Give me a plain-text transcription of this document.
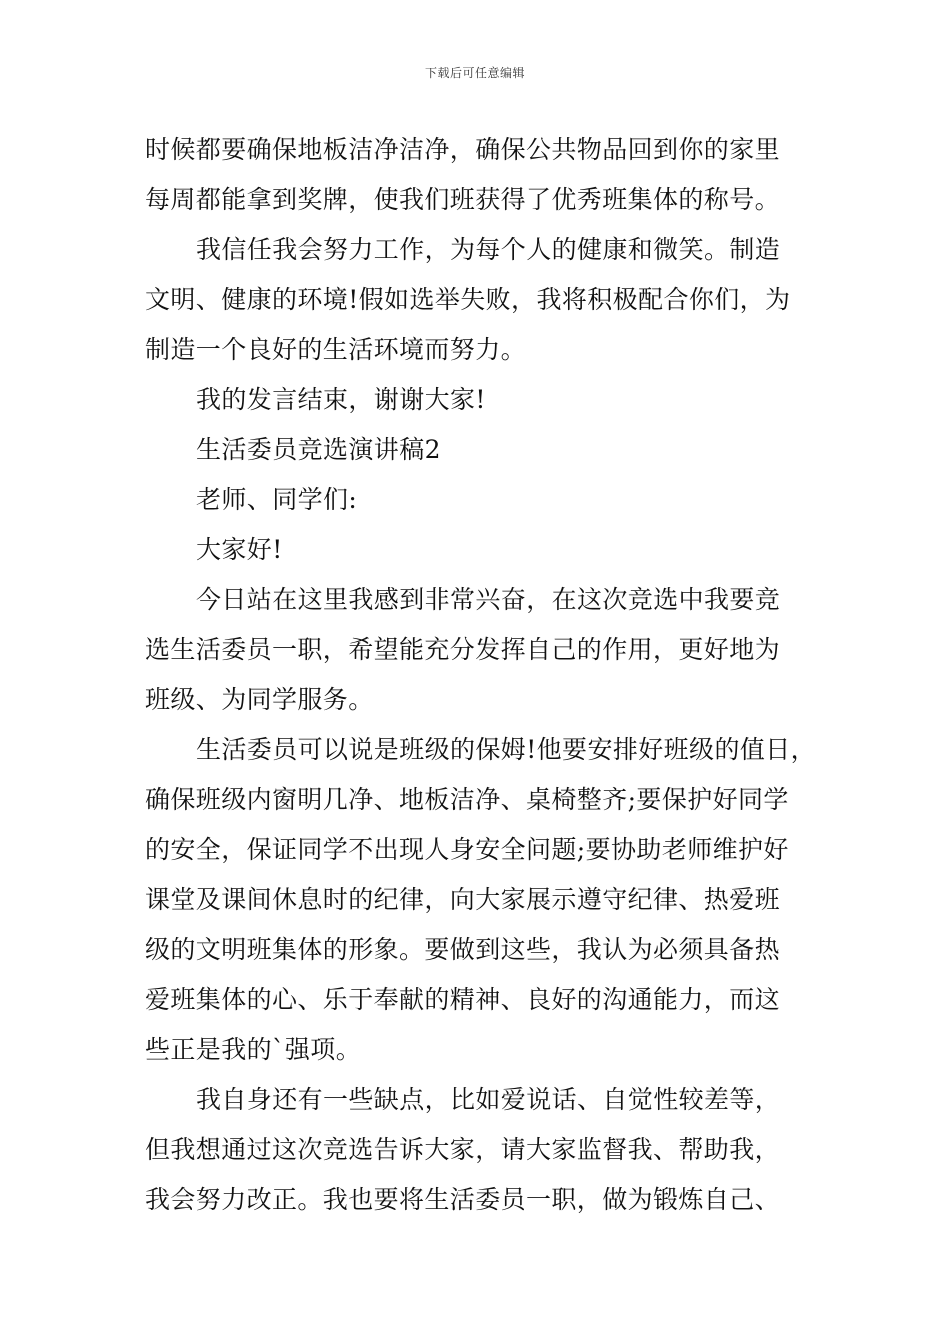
下载后可任意编辑
时候都要确保地板洁净洁净，确保公共物品回到你的家里
每周都能拿到奖牌，使我们班获得了优秀班集体的称号。
我信任我会努力工作，为每个人的健康和微笑。制造
文明、健康的环境!假如选举失败，我将积极配合你们，为
制造一个良好的生活环境而努力。
我的发言结束，谢谢大家!
生活委员竞选演讲稿2
老师、同学们:
大家好!
今日站在这里我感到非常兴奋，在这次竞选中我要竞
选生活委员一职，希望能充分发挥自己的作用，更好地为
班级、为同学服务。
生活委员可以说是班级的保姆!他要安排好班级的值日，
确保班级内窗明几净、地板洁净、桌椅整齐;要保护好同学
的安全，保证同学不出现人身安全问题;要协助老师维护好
课堂及课间休息时的纪律，向大家展示遵守纪律、热爱班
级的文明班集体的形象。要做到这些，我认为必须具备热
爱班集体的心、乐于奉献的精神、良好的沟通能力，而这
些正是我的`强项。
我自身还有一些缺点，比如爱说话、自觉性较差等，
但我想通过这次竞选告诉大家，请大家监督我、帮助我，
我会努力改正。我也要将生活委员一职，做为锻炼自己、
